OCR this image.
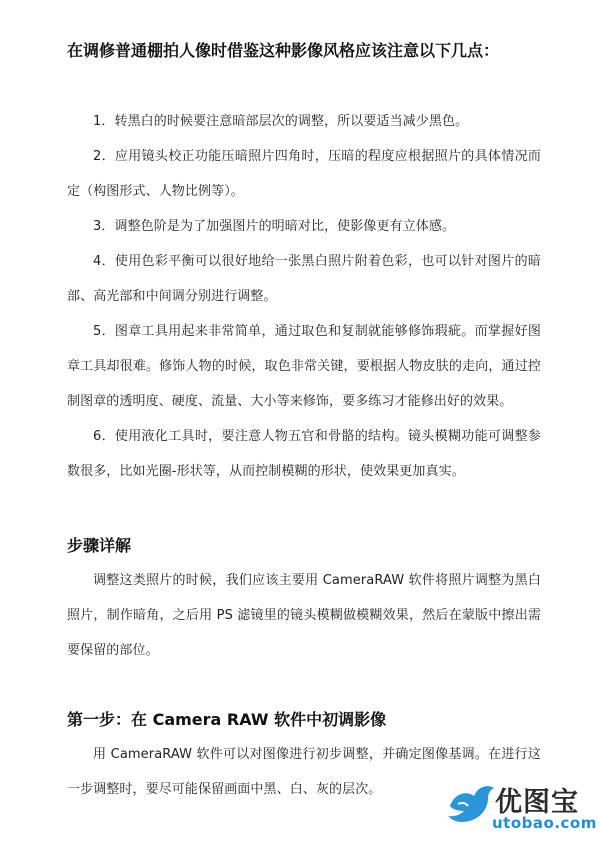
在调修普通棚拍人像时借鉴这种影像风格应该注意以下几点：
1．转黑白的时候要注意暗部层次的调整，所以要适当减少黑色。
2．应用镜头校正功能压暗照片四角时，压暗的程度应根据照片的具体情况而定（构图形式、人物比例等）。
3．调整色阶是为了加强图片的明暗对比，使影像更有立体感。
4．使用色彩平衡可以很好地给一张黑白照片附着色彩，也可以针对图片的暗部、高光部和中间调分别进行调整。
5．图章工具用起来非常简单，通过取色和复制就能够修饰瑕疵。而掌握好图章工具却很难。修饰人物的时候，取色非常关键，要根据人物皮肤的走向，通过控制图章的透明度、硬度、流量、大小等来修饰，要多练习才能修出好的效果。
6．使用液化工具时，要注意人物五官和骨骼的结构。镜头模糊功能可调整参数很多，比如光圈-形状等，从而控制模糊的形状，使效果更加真实。
步骤详解
调整这类照片的时候，我们应该主要用 CameraRAW 软件将照片调整为黑白照片，制作暗角，之后用 PS 滤镜里的镜头模糊做模糊效果，然后在蒙版中擦出需要保留的部位。
第一步：在 Camera RAW 软件中初调影像
用 CameraRAW 软件可以对图像进行初步调整，并确定图像基调。在进行这一步调整时，要尽可能保留画面中黑、白、灰的层次。	优图宝
utobao.com
